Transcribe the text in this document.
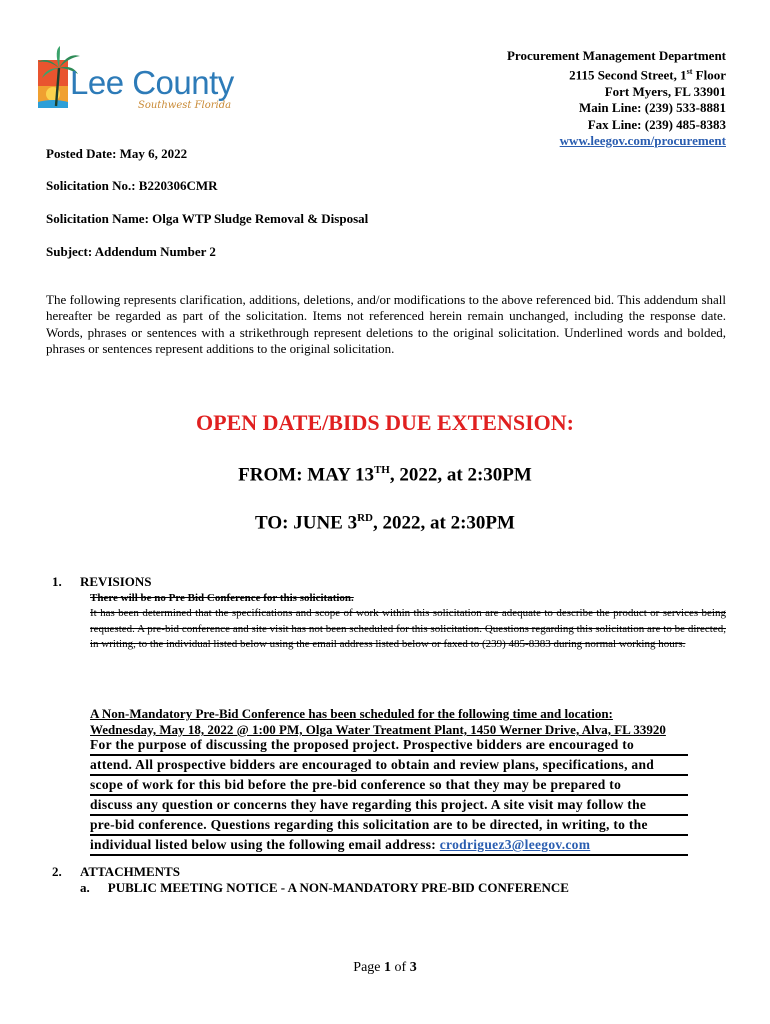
Lee County
Southwest Florida
Procurement Management Department
2115 Second Street, 1st Floor
Fort Myers, FL 33901
Main Line: (239) 533-8881
Fax Line: (239) 485-8383
www.leegov.com/procurement
Posted Date: May 6, 2022
Solicitation No.: B220306CMR
Solicitation Name: Olga WTP Sludge Removal & Disposal
Subject: Addendum Number 2
The following represents clarification, additions, deletions, and/or modifications to the above referenced bid. This addendum shall hereafter be regarded as part of the solicitation. Items not referenced herein remain unchanged, including the response date. Words, phrases or sentences with a strikethrough represent deletions to the original solicitation. Underlined words and bolded, phrases or sentences represent additions to the original solicitation.
OPEN DATE/BIDS DUE EXTENSION:
FROM: MAY 13TH, 2022, at 2:30PM
TO: JUNE 3RD, 2022, at 2:30PM
1. REVISIONS
There will be no Pre Bid Conference for this solicitation.
It has been determined that the specifications and scope of work within this solicitation are adequate to describe the product or services being requested. A pre-bid conference and site visit has not been scheduled for this solicitation. Questions regarding this solicitation are to be directed, in writing, to the individual listed below using the email address listed below or faxed to (239) 485-8383 during normal working hours.
A Non-Mandatory Pre-Bid Conference has been scheduled for the following time and location:
Wednesday, May 18, 2022 @ 1:00 PM, Olga Water Treatment Plant, 1450 Werner Drive, Alva, FL 33920
For the purpose of discussing the proposed project. Prospective bidders are encouraged to
attend. All prospective bidders are encouraged to obtain and review plans, specifications, and
scope of work for this bid before the pre-bid conference so that they may be prepared to
discuss any question or concerns they have regarding this project. A site visit may follow the
pre-bid conference. Questions regarding this solicitation are to be directed, in writing, to the
individual listed below using the following email address: crodriguez3@leegov.com
2. ATTACHMENTS
a. PUBLIC MEETING NOTICE - A NON-MANDATORY PRE-BID CONFERENCE
Page 1 of 3
